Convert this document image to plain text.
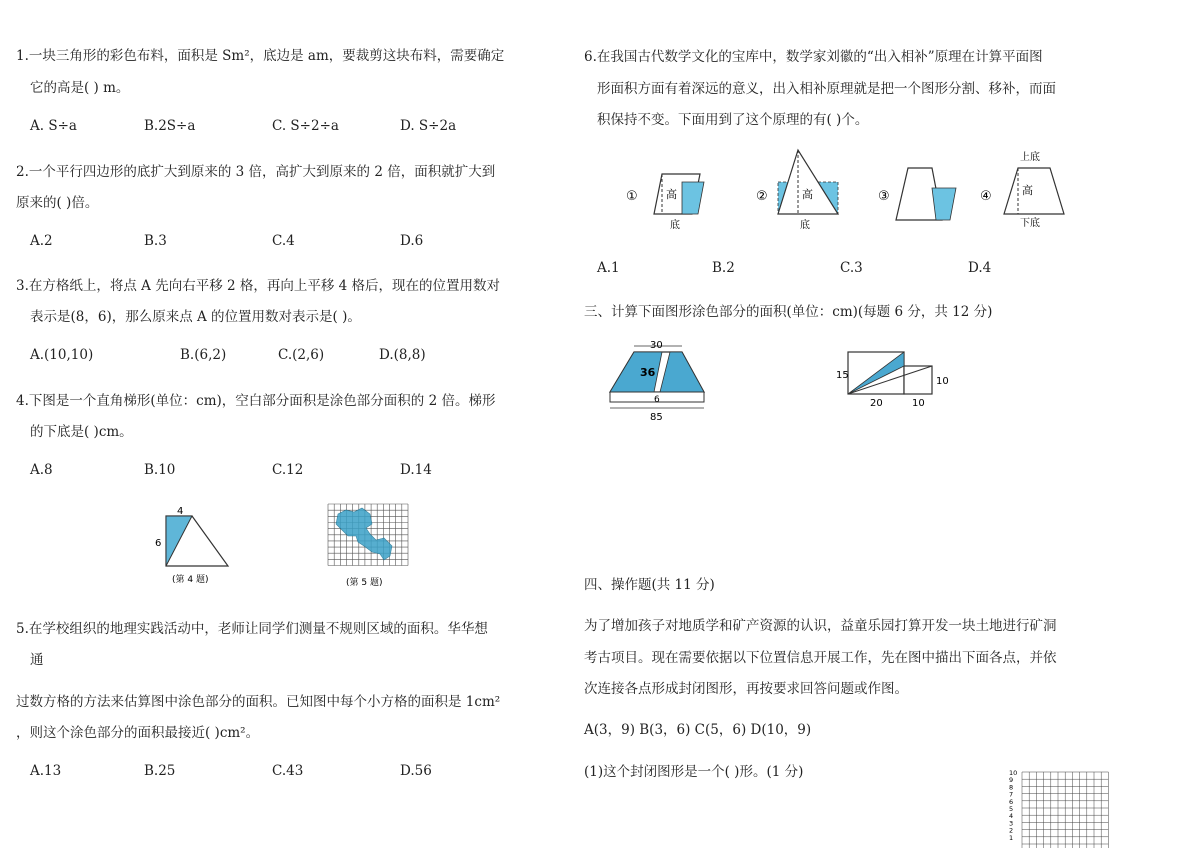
1.一块三角形的彩色布料，面积是 Sm²，底边是 am，要裁剪这块布料，需要确定
它的高是( ) m。
A. S÷a	B.2S÷a	C. S÷2÷a	D. S÷2a
2.一个平行四边形的底扩大到原来的 3 倍，高扩大到原来的 2 倍，面积就扩大到
原来的( )倍。
A.2	B.3	C.4	D.6
3.在方格纸上，将点 A 先向右平移 2 格，再向上平移 4 格后，现在的位置用数对
表示是(8，6)，那么原来点 A 的位置用数对表示是( )。
A.(10,10)	B.(6,2)	C.(2,6)	D.(8,8)
4.下图是一个直角梯形(单位：cm)，空白部分面积是涂色部分面积的 2 倍。梯形
的下底是( )cm。
A.8	B.10	C.12	D.14
4
6
(第 4 题)	(第 5 题)
5.在学校组织的地理实践活动中，老师让同学们测量不规则区域的面积。华华想
通
过数方格的方法来估算图中涂色部分的面积。已知图中每个小方格的面积是 1cm²
，则这个涂色部分的面积最接近( )cm²。
A.13	B.25	C.43	D.56
6.在我国古代数学文化的宝库中，数学家刘徽的“出入相补”原理在计算平面图
形面积方面有着深远的意义，出入相补原理就是把一个图形分割、移补，而面
积保持不变。下面用到了这个原理的有( )个。
①	高
底
②	高
底
③	④
上底
高
下底
A.1	B.2	C.3	D.4
三、计算下面图形涂色部分的面积(单位：cm)(每题 6 分，共 12 分)
30
36
6
85
15
10
20	10
四、操作题(共 11 分)
为了增加孩子对地质学和矿产资源的认识，益童乐园打算开发一块土地进行矿洞
考古项目。现在需要依据以下位置信息开展工作，先在图中描出下面各点，并依
次连接各点形成封闭图形，再按要求回答问题或作图。
A(3，9) B(3，6) C(5，6) D(10，9)
(1)这个封闭图形是一个( )形。(1 分)	10
9
8
7
6
5
4
3
2
1
